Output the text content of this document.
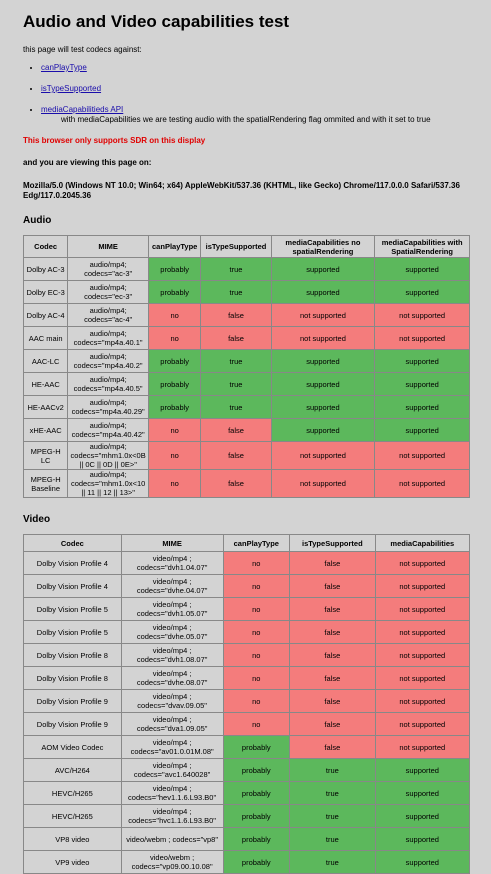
Audio and Video capabilities test
this page will test codecs against:
• canPlayType
• isTypeSupported
• mediaCapabilitieds API
with mediaCapabilities we are testing audio with the spatialRendering flag ommited and with it set to true
This browser only supports SDR on this display
and you are viewing this page on:
Mozilla/5.0 (Windows NT 10.0; Win64; x64) AppleWebKit/537.36 (KHTML, like Gecko) Chrome/117.0.0.0 Safari/537.36
Edg/117.0.2045.36
Audio
Codec	MIME	canPlayType	isTypeSupported	mediaCapabilities no spatialRendering	mediaCapabilities with SpatialRendering
Dolby AC-3	audio/mp4; codecs="ac-3"	probably	true	supported	supported
Dolby EC-3	audio/mp4; codecs="ec-3"	probably	true	supported	supported
Dolby AC-4	audio/mp4; codecs="ac-4"	no	false	not supported	not supported
AAC main	audio/mp4; codecs="mp4a.40.1"	no	false	not supported	not supported
AAC-LC	audio/mp4; codecs="mp4a.40.2"	probably	true	supported	supported
HE-AAC	audio/mp4; codecs="mp4a.40.5"	probably	true	supported	supported
HE-AACv2	audio/mp4; codecs="mp4a.40.29"	probably	true	supported	supported
xHE-AAC	audio/mp4; codecs="mp4a.40.42"	no	false	supported	supported
MPEG-H LC	audio/mp4; codecs="mhm1.0x<0B || 0C || 0D || 0E>"	no	false	not supported	not supported
MPEG-H Baseline	audio/mp4; codecs="mhm1.0x<10 || 11 || 12 || 13>"	no	false	not supported	not supported
Video
Codec	MIME	canPlayType	isTypeSupported	mediaCapabilities
Dolby Vision Profile 4	video/mp4 ; codecs="dvh1.04.07"	no	false	not supported
Dolby Vision Profile 4	video/mp4 ; codecs="dvhe.04.07"	no	false	not supported
Dolby Vision Profile 5	video/mp4 ; codecs="dvh1.05.07"	no	false	not supported
Dolby Vision Profile 5	video/mp4 ; codecs="dvhe.05.07"	no	false	not supported
Dolby Vision Profile 8	video/mp4 ; codecs="dvh1.08.07"	no	false	not supported
Dolby Vision Profile 8	video/mp4 ; codecs="dvhe.08.07"	no	false	not supported
Dolby Vision Profile 9	video/mp4 ; codecs="dvav.09.05"	no	false	not supported
Dolby Vision Profile 9	video/mp4 ; codecs="dva1.09.05"	no	false	not supported
AOM Video Codec	video/mp4 ; codecs="av01.0.01M.08"	probably	false	not supported
AVC/H264	video/mp4 ; codecs="avc1.640028"	probably	true	supported
HEVC/H265	video/mp4 ; codecs="hev1.1.6.L93.B0"	probably	true	supported
HEVC/H265	video/mp4 ; codecs="hvc1.1.6.L93.B0"	probably	true	supported
VP8 video	video/webm ; codecs="vp8"	probably	true	supported
VP9 video	video/webm ; codecs="vp09.00.10.08"	probably	true	supported
